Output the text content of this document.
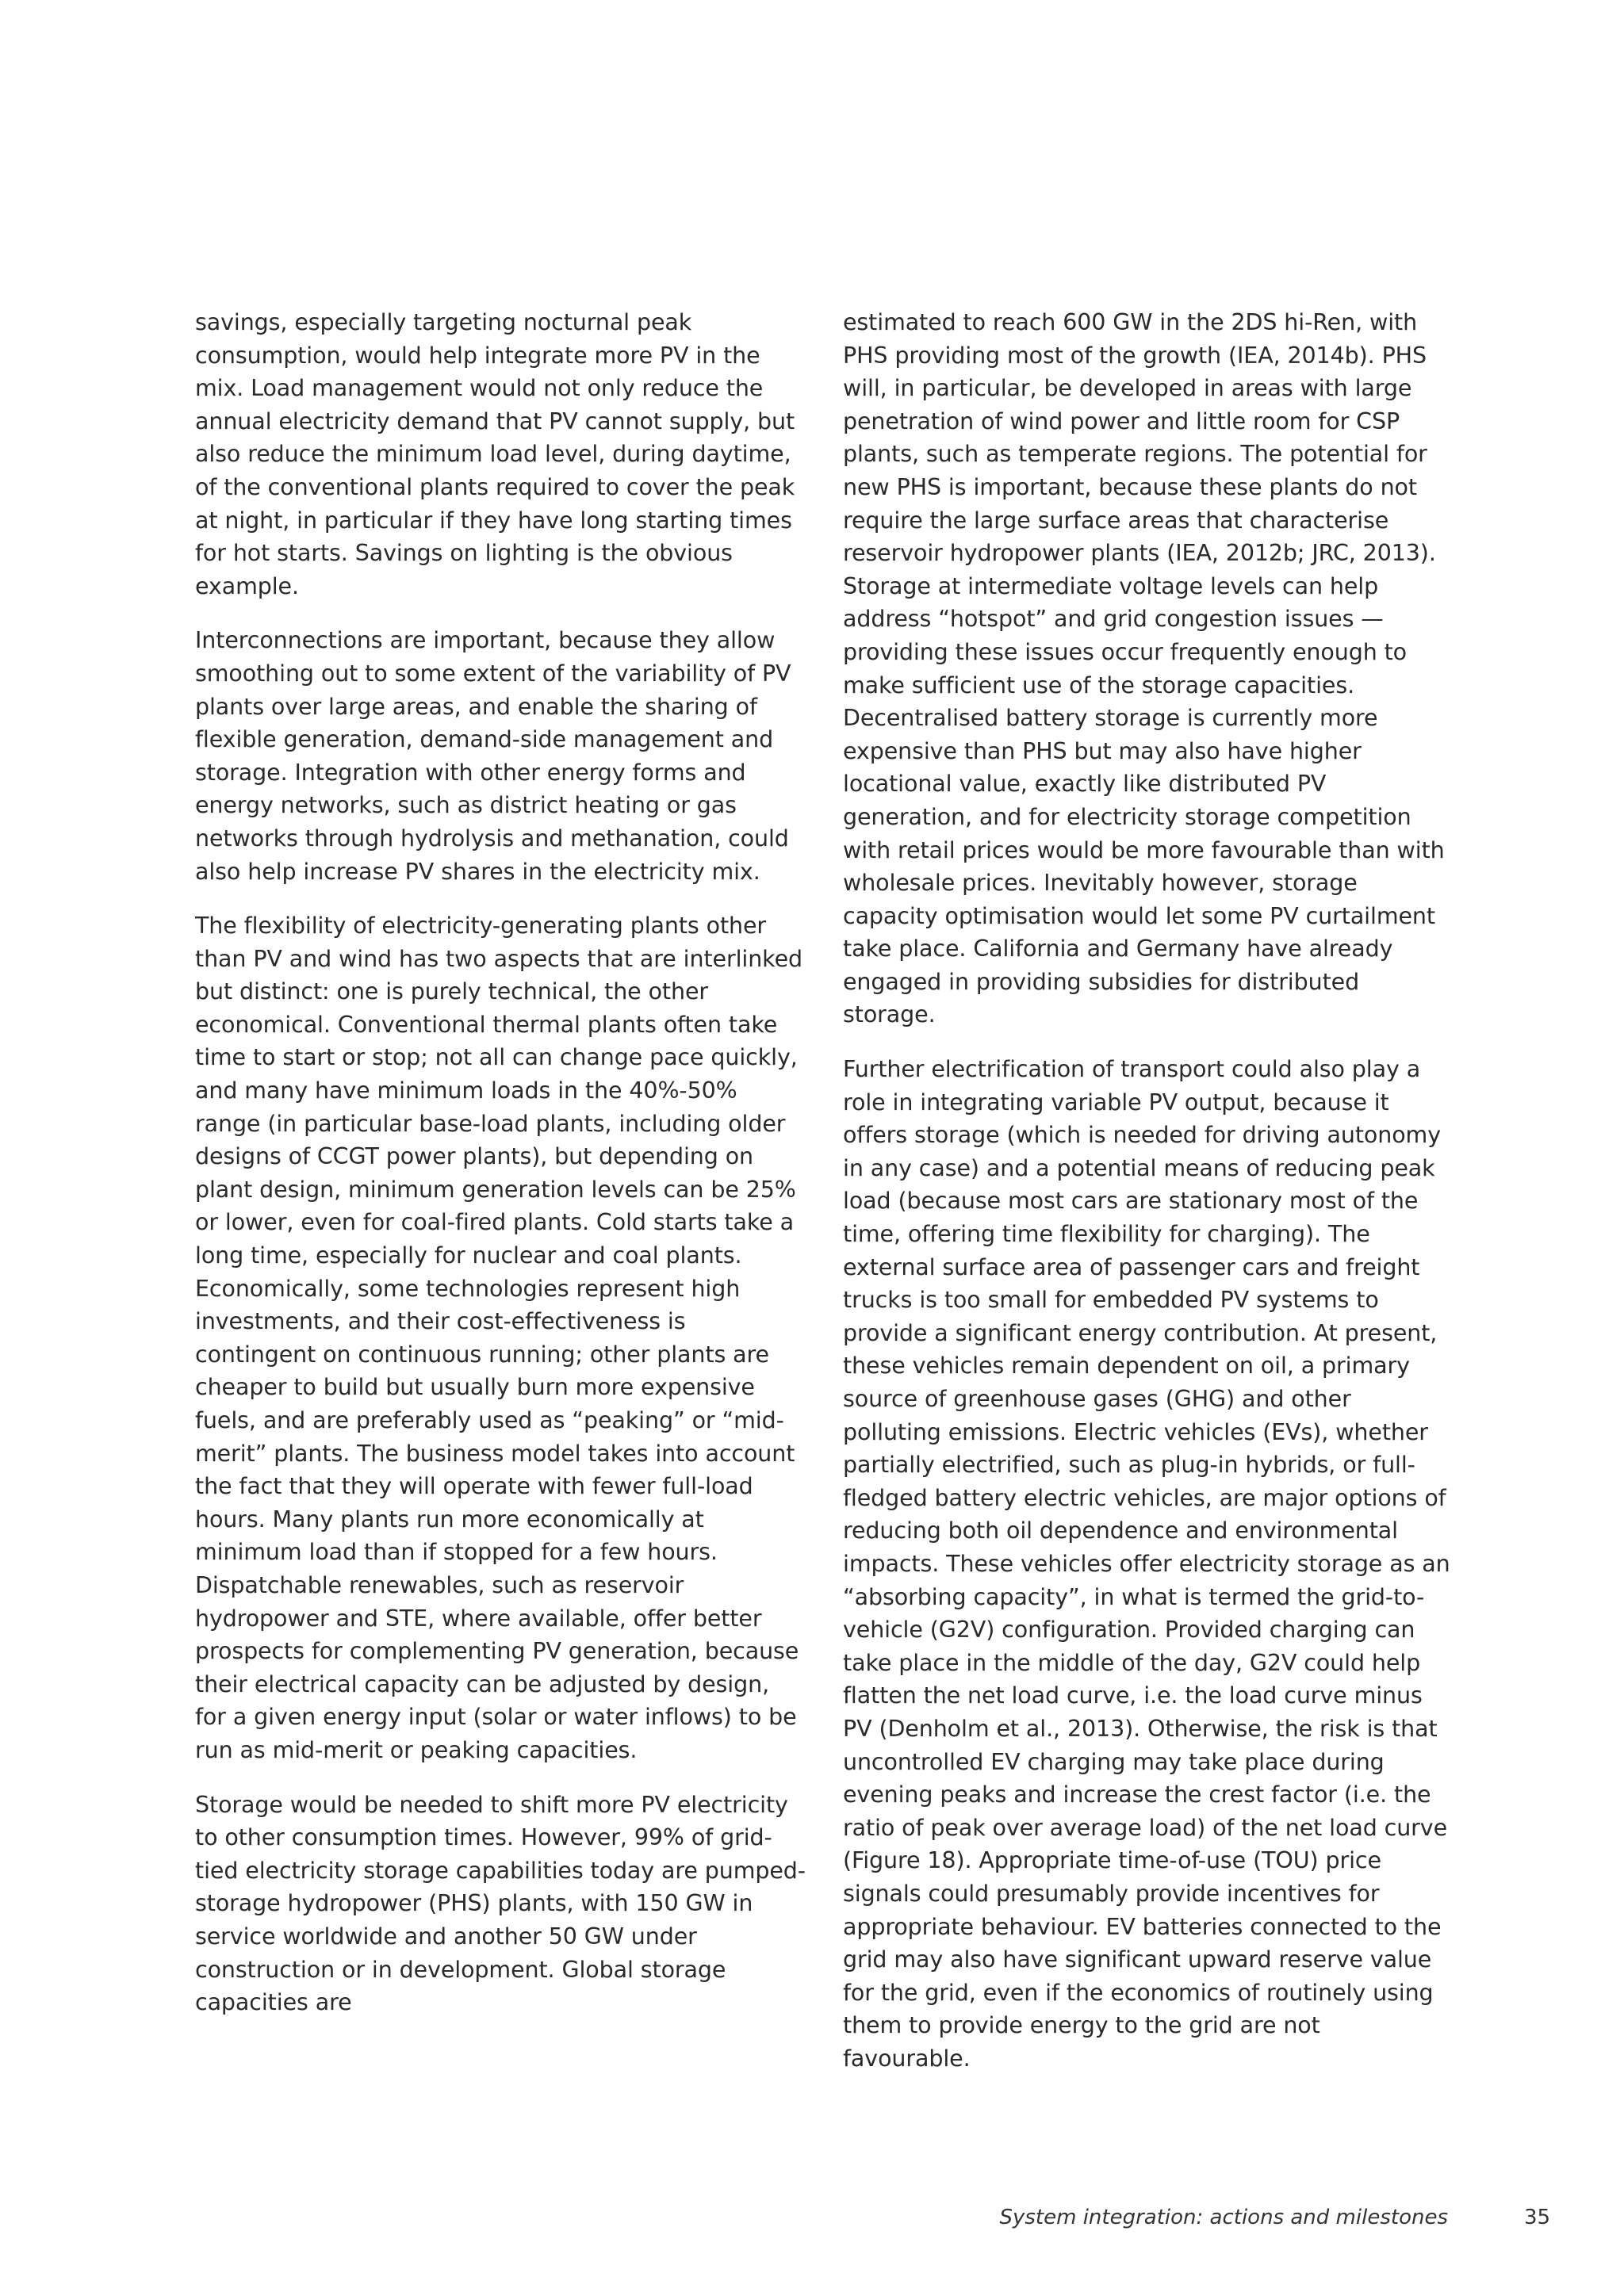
savings, especially targeting nocturnal peak consumption, would help integrate more PV in the mix. Load management would not only reduce the annual electricity demand that PV cannot supply, but also reduce the minimum load level, during daytime, of the conventional plants required to cover the peak at night, in particular if they have long starting times for hot starts. Savings on lighting is the obvious example.

Interconnections are important, because they allow smoothing out to some extent of the variability of PV plants over large areas, and enable the sharing of flexible generation, demand-side management and storage. Integration with other energy forms and energy networks, such as district heating or gas networks through hydrolysis and methanation, could also help increase PV shares in the electricity mix.

The flexibility of electricity-generating plants other than PV and wind has two aspects that are interlinked but distinct: one is purely technical, the other economical. Conventional thermal plants often take time to start or stop; not all can change pace quickly, and many have minimum loads in the 40%-50% range (in particular base-load plants, including older designs of CCGT power plants), but depending on plant design, minimum generation levels can be 25% or lower, even for coal-fired plants. Cold starts take a long time, especially for nuclear and coal plants. Economically, some technologies represent high investments, and their cost-effectiveness is contingent on continuous running; other plants are cheaper to build but usually burn more expensive fuels, and are preferably used as “peaking” or “mid-merit” plants. The business model takes into account the fact that they will operate with fewer full-load hours. Many plants run more economically at minimum load than if stopped for a few hours. Dispatchable renewables, such as reservoir hydropower and STE, where available, offer better prospects for complementing PV generation, because their electrical capacity can be adjusted by design, for a given energy input (solar or water inflows) to be run as mid-merit or peaking capacities.

Storage would be needed to shift more PV electricity to other consumption times. However, 99% of grid-tied electricity storage capabilities today are pumped-storage hydropower (PHS) plants, with 150 GW in service worldwide and another 50 GW under construction or in development. Global storage capacities are

estimated to reach 600 GW in the 2DS hi-Ren, with PHS providing most of the growth (IEA, 2014b). PHS will, in particular, be developed in areas with large penetration of wind power and little room for CSP plants, such as temperate regions. The potential for new PHS is important, because these plants do not require the large surface areas that characterise reservoir hydropower plants (IEA, 2012b; JRC, 2013). Storage at intermediate voltage levels can help address “hotspot” and grid congestion issues — providing these issues occur frequently enough to make sufficient use of the storage capacities. Decentralised battery storage is currently more expensive than PHS but may also have higher locational value, exactly like distributed PV generation, and for electricity storage competition with retail prices would be more favourable than with wholesale prices. Inevitably however, storage capacity optimisation would let some PV curtailment take place. California and Germany have already engaged in providing subsidies for distributed storage.

Further electrification of transport could also play a role in integrating variable PV output, because it offers storage (which is needed for driving autonomy in any case) and a potential means of reducing peak load (because most cars are stationary most of the time, offering time flexibility for charging). The external surface area of passenger cars and freight trucks is too small for embedded PV systems to provide a significant energy contribution. At present, these vehicles remain dependent on oil, a primary source of greenhouse gases (GHG) and other polluting emissions. Electric vehicles (EVs), whether partially electrified, such as plug-in hybrids, or full-fledged battery electric vehicles, are major options of reducing both oil dependence and environmental impacts. These vehicles offer electricity storage as an “absorbing capacity”, in what is termed the grid-to-vehicle (G2V) configuration. Provided charging can take place in the middle of the day, G2V could help flatten the net load curve, i.e. the load curve minus PV (Denholm et al., 2013). Otherwise, the risk is that uncontrolled EV charging may take place during evening peaks and increase the crest factor (i.e. the ratio of peak over average load) of the net load curve (Figure 18). Appropriate time-of-use (TOU) price signals could presumably provide incentives for appropriate behaviour. EV batteries connected to the grid may also have significant upward reserve value for the grid, even if the economics of routinely using them to provide energy to the grid are not favourable.

System integration: actions and milestones	35
